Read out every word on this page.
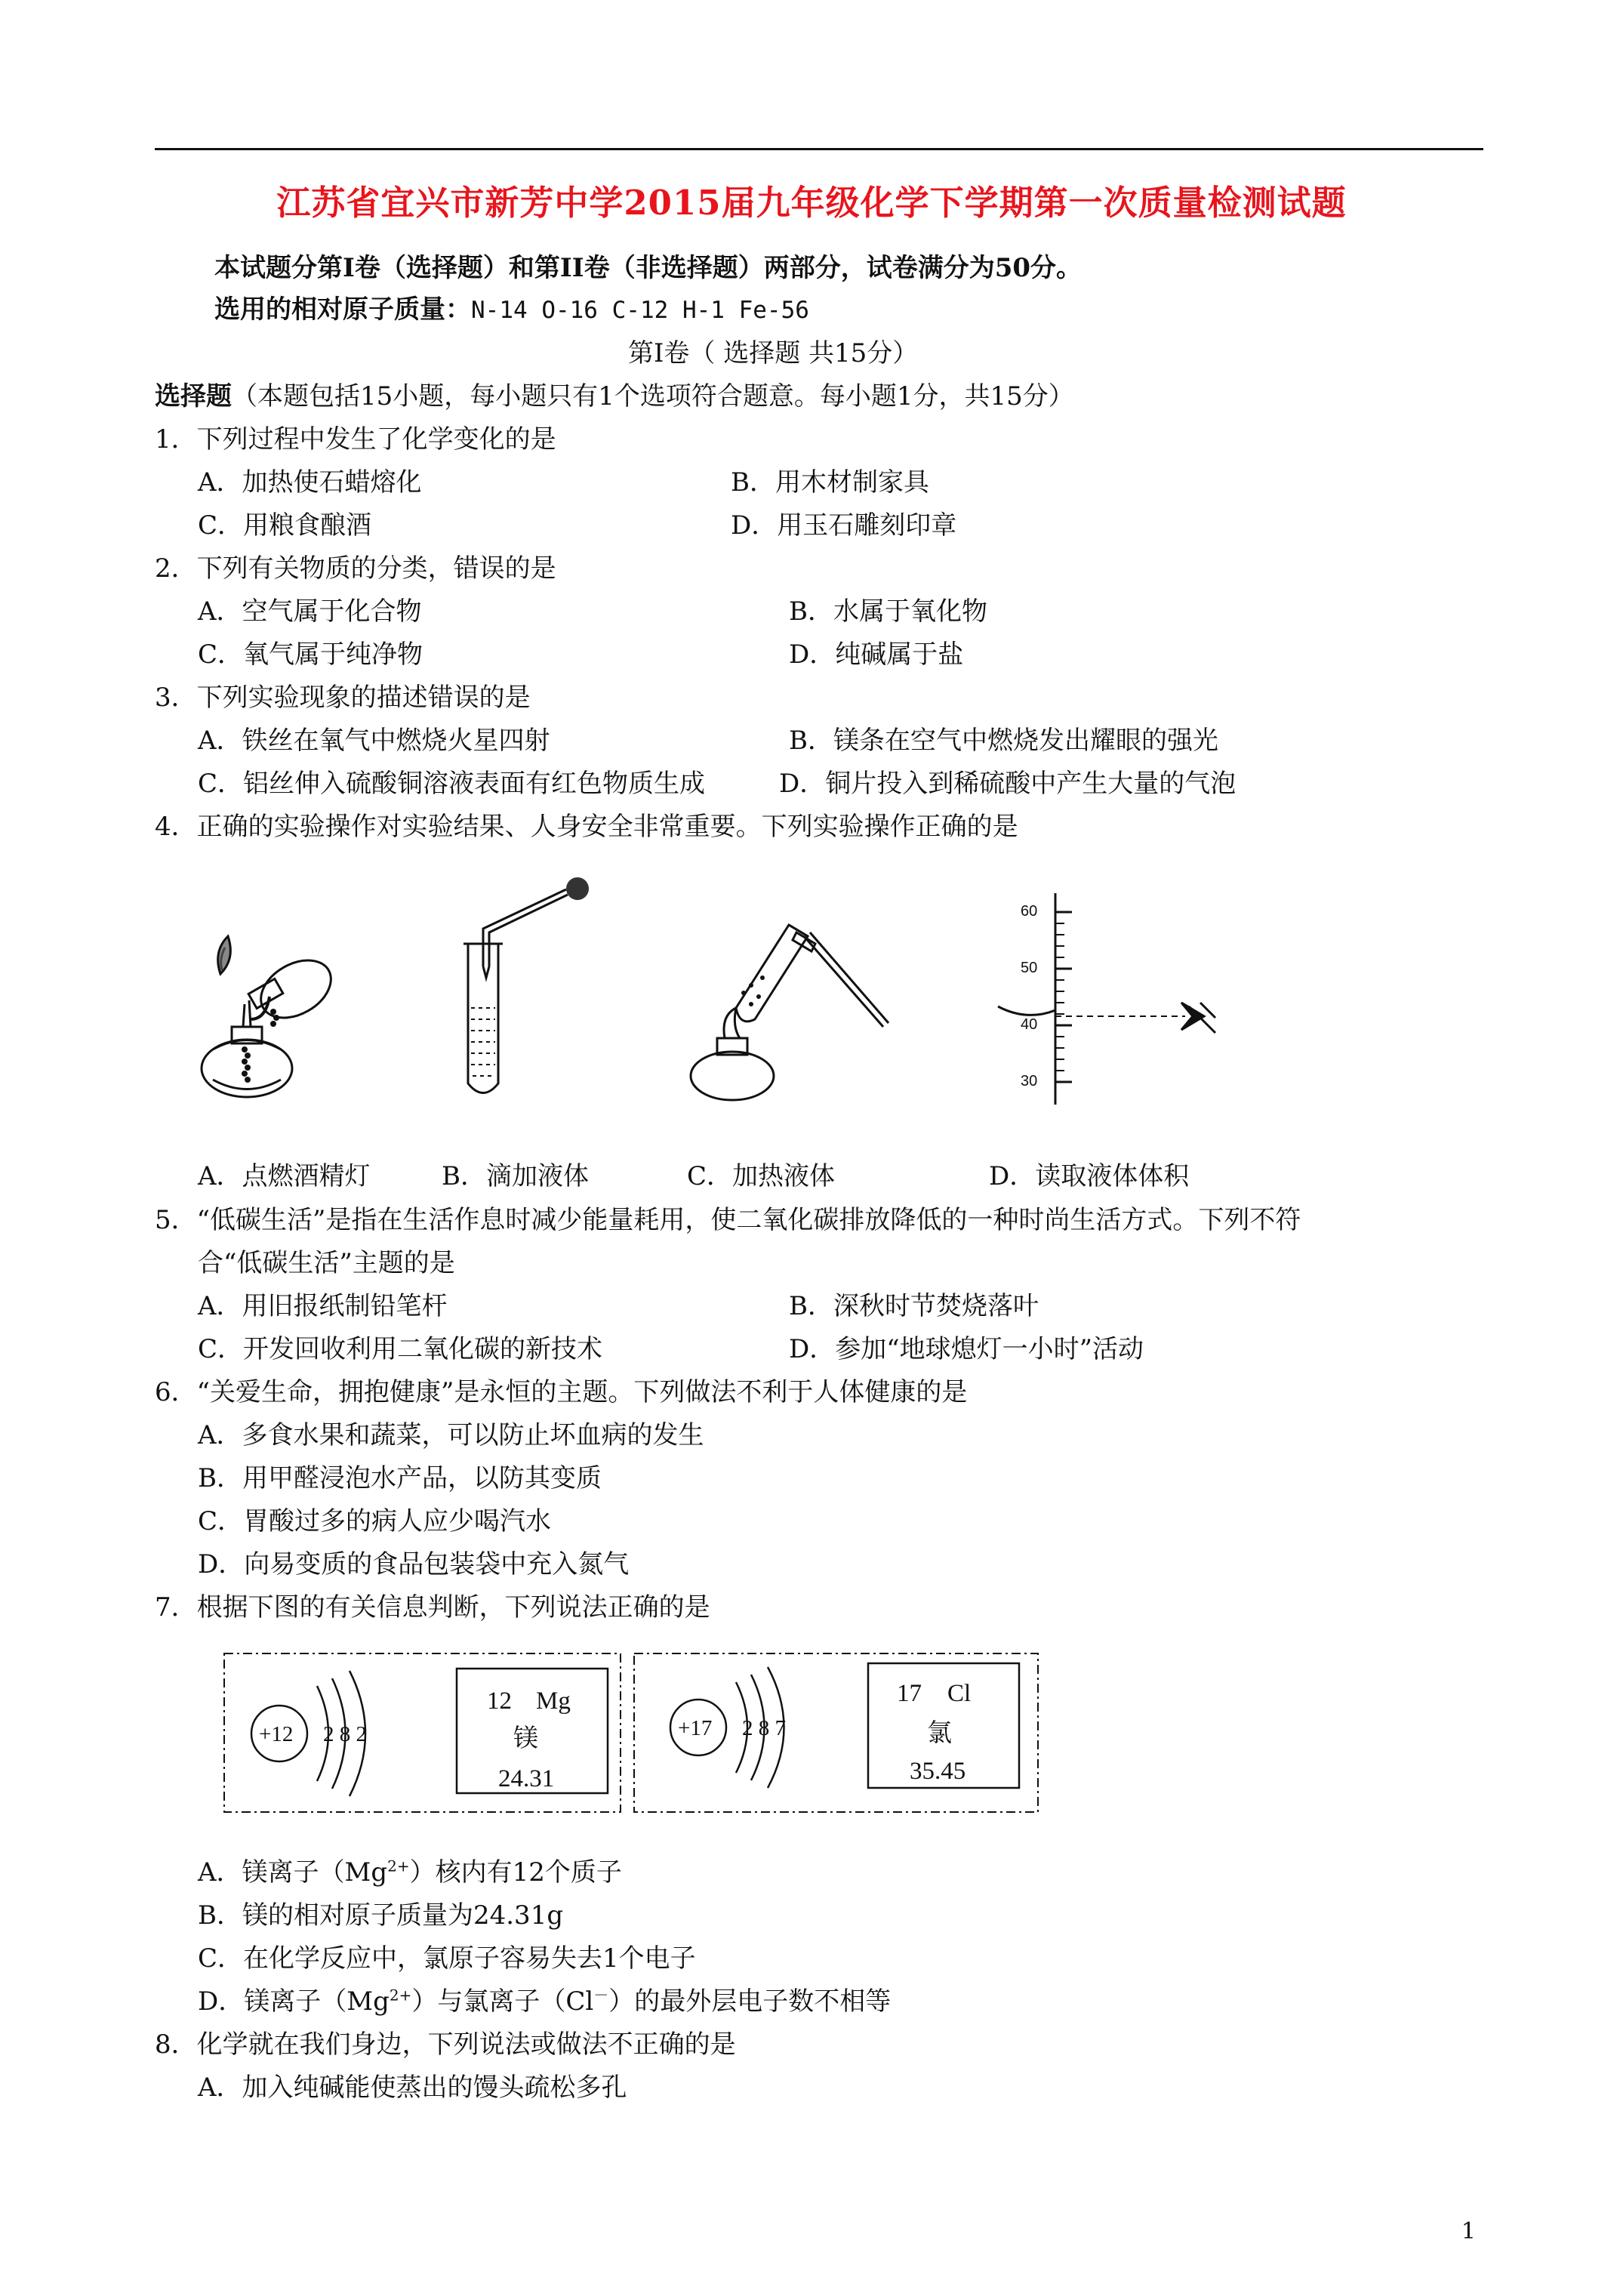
江苏省宜兴市新芳中学2015届九年级化学下学期第一次质量检测试题
本试题分第Ⅰ卷（选择题）和第II卷（非选择题）两部分，试卷满分为50分。
选用的相对原子质量：N-14 O-16 C-12 H-1 Fe-56
第Ⅰ卷（ 选择题 共15分）
选择题（本题包括15小题，每小题只有1个选项符合题意。每小题1分，共15分）
1．下列过程中发生了化学变化的是
A．加热使石蜡熔化	B．用木材制家具
C．用粮食酿酒	D．用玉石雕刻印章
2．下列有关物质的分类，错误的是
A．空气属于化合物	B．水属于氧化物
C．氧气属于纯净物	D．纯碱属于盐
3．下列实验现象的描述错误的是
A．铁丝在氧气中燃烧火星四射	B．镁条在空气中燃烧发出耀眼的强光
C．铝丝伸入硫酸铜溶液表面有红色物质生成	D．铜片投入到稀硫酸中产生大量的气泡
4．正确的实验操作对实验结果、人身安全非常重要。下列实验操作正确的是
60
50
40
30
A．点燃酒精灯	B．滴加液体	C．加热液体	D．读取液体体积
5．“低碳生活”是指在生活作息时减少能量耗用，使二氧化碳排放降低的一种时尚生活方式。下列不符
合“低碳生活”主题的是
A．用旧报纸制铅笔杆	B．深秋时节焚烧落叶
C．开发回收利用二氧化碳的新技术	D．参加“地球熄灯一小时”活动
6．“关爱生命，拥抱健康”是永恒的主题。下列做法不利于人体健康的是
A．多食水果和蔬菜，可以防止坏血病的发生
B．用甲醛浸泡水产品，以防其变质
C．胃酸过多的病人应少喝汽水
D．向易变质的食品包装袋中充入氮气
7．根据下图的有关信息判断，下列说法正确的是
+12 2 8 2
12 Mg
镁
24.31
+17 2 8 7
17 Cl
氯
35.45
A．镁离子$(Mg^{2+})$核内有12个质子
B．镁的相对原子质量为24.31g
C．在化学反应中，氯原子容易失去1个电子
D．镁离子$(Mg^{2+})$与氯离子（Cl－）的最外层电子数不相等
8．化学就在我们身边，下列说法或做法不正确的是
A．加入纯碱能使蒸出的馒头疏松多孔
1
